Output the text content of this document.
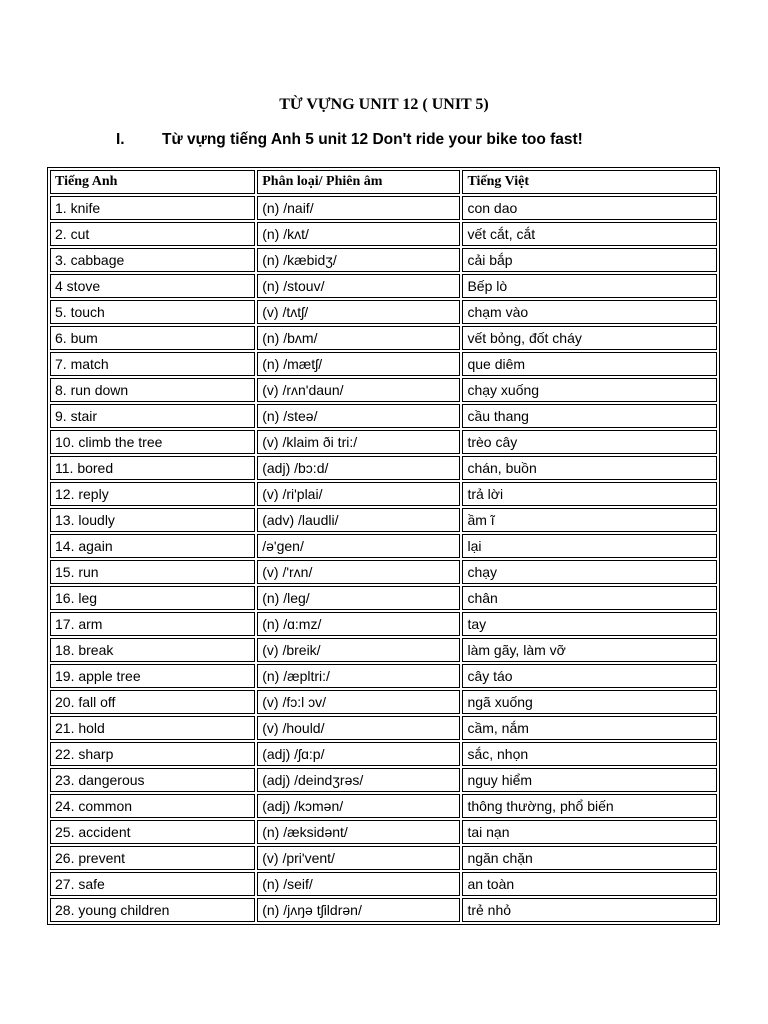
TỪ VỰNG UNIT 12 ( UNIT 5)
I. Từ vựng tiếng Anh 5 unit 12 Don't ride your bike too fast!
Tiếng Anh	Phân loại/ Phiên âm	Tiếng Việt
1. knife	(n) /naif/	con dao
2. cut	(n) /kʌt/	vết cắt, cắt
3. cabbage	(n) /kæbidʒ/	cải bắp
4 stove	(n) /stouv/	Bếp lò
5. touch	(v) /tʌtʃ/	chạm vào
6. bum	(n) /bʌm/	vết bỏng, đốt cháy
7. match	(n) /mætʃ/	que diêm
8. run down	(v) /rʌn'daun/	chạy xuống
9. stair	(n) /steə/	cầu thang
10. climb the tree	(v) /klaim ði tri:/	trèo cây
11. bored	(adj) /bɔ:d/	chán, buồn
12. reply	(v) /ri'plai/	trả lời
13. loudly	(adv) /laudli/	ầm ĩ
14. again	/ə'gen/	lại
15. run	(v) /'rʌn/	chạy
16. leg	(n) /leg/	chân
17. arm	(n) /ɑ:mz/	tay
18. break	(v) /breik/	làm gãy, làm vỡ
19. apple tree	(n) /æpltri:/	cây táo
20. fall off	(v) /fɔ:l ɔv/	ngã xuống
21. hold	(v) /hould/	cầm, nắm
22. sharp	(adj) /ʃɑ:p/	sắc, nhọn
23. dangerous	(adj) /deindʒrəs/	nguy hiểm
24. common	(adj) /kɔmən/	thông thường, phổ biến
25. accident	(n) /æksidənt/	tai nạn
26. prevent	(v) /pri'vent/	ngăn chặn
27. safe	(n) /seif/	an toàn
28. young children	(n) /jʌŋə tʃildrən/	trẻ nhỏ
